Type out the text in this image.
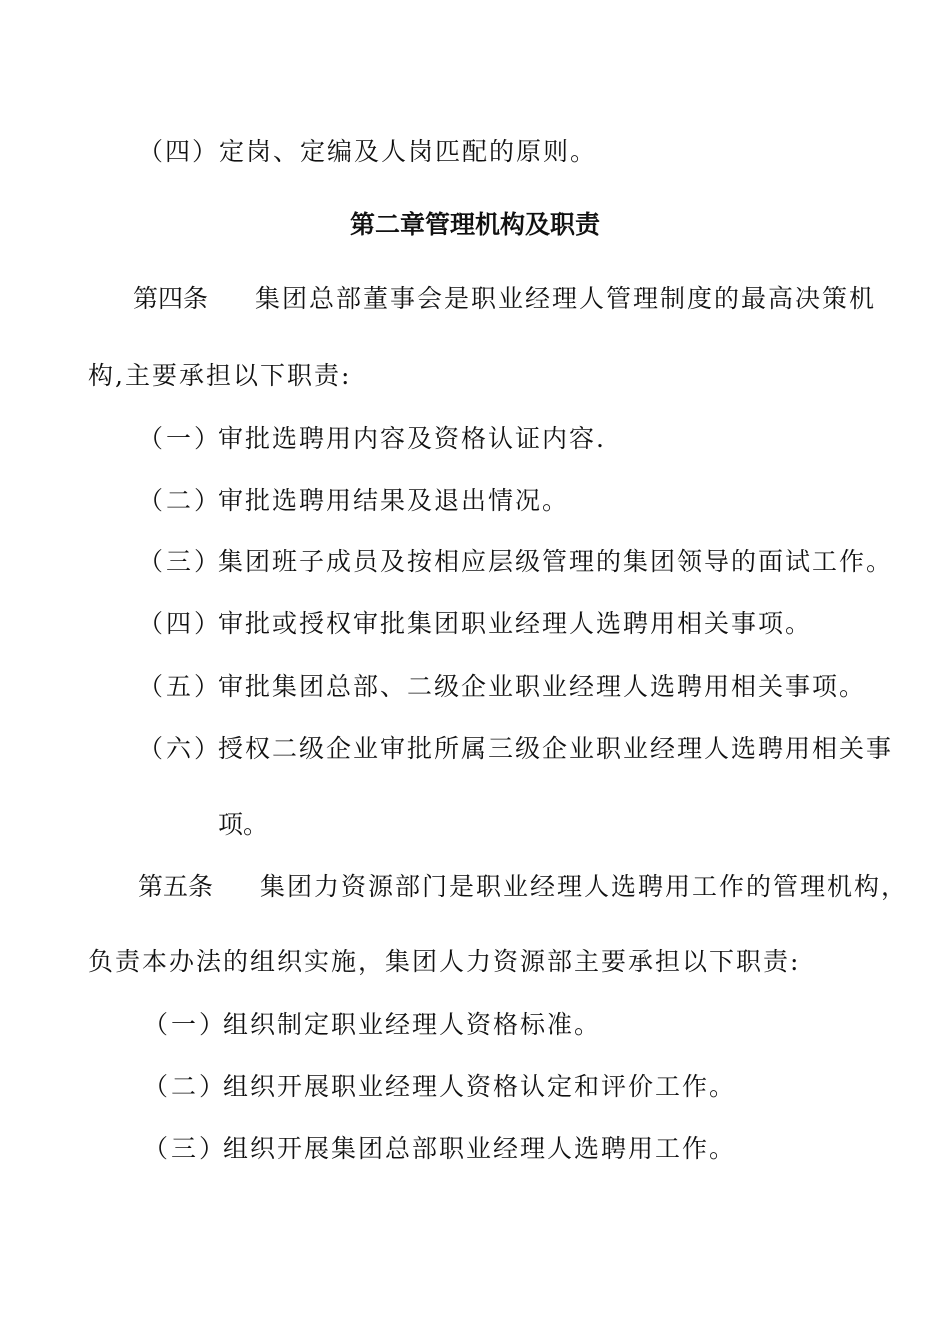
（四）定岗、定编及人岗匹配的原则。
第二章管理机构及职责
第四条 集团总部董事会是职业经理人管理制度的最高决策机
构,主要承担以下职责:
（一）审批选聘用内容及资格认证内容.
（二）审批选聘用结果及退出情况。
（三）集团班子成员及按相应层级管理的集团领导的面试工作。
（四）审批或授权审批集团职业经理人选聘用相关事项。
（五）审批集团总部、二级企业职业经理人选聘用相关事项。
（六）授权二级企业审批所属三级企业职业经理人选聘用相关事
项。
第五条 集团力资源部门是职业经理人选聘用工作的管理机构，
负责本办法的组织实施，集团人力资源部主要承担以下职责:
（一）组织制定职业经理人资格标准。
（二）组织开展职业经理人资格认定和评价工作。
（三）组织开展集团总部职业经理人选聘用工作。
